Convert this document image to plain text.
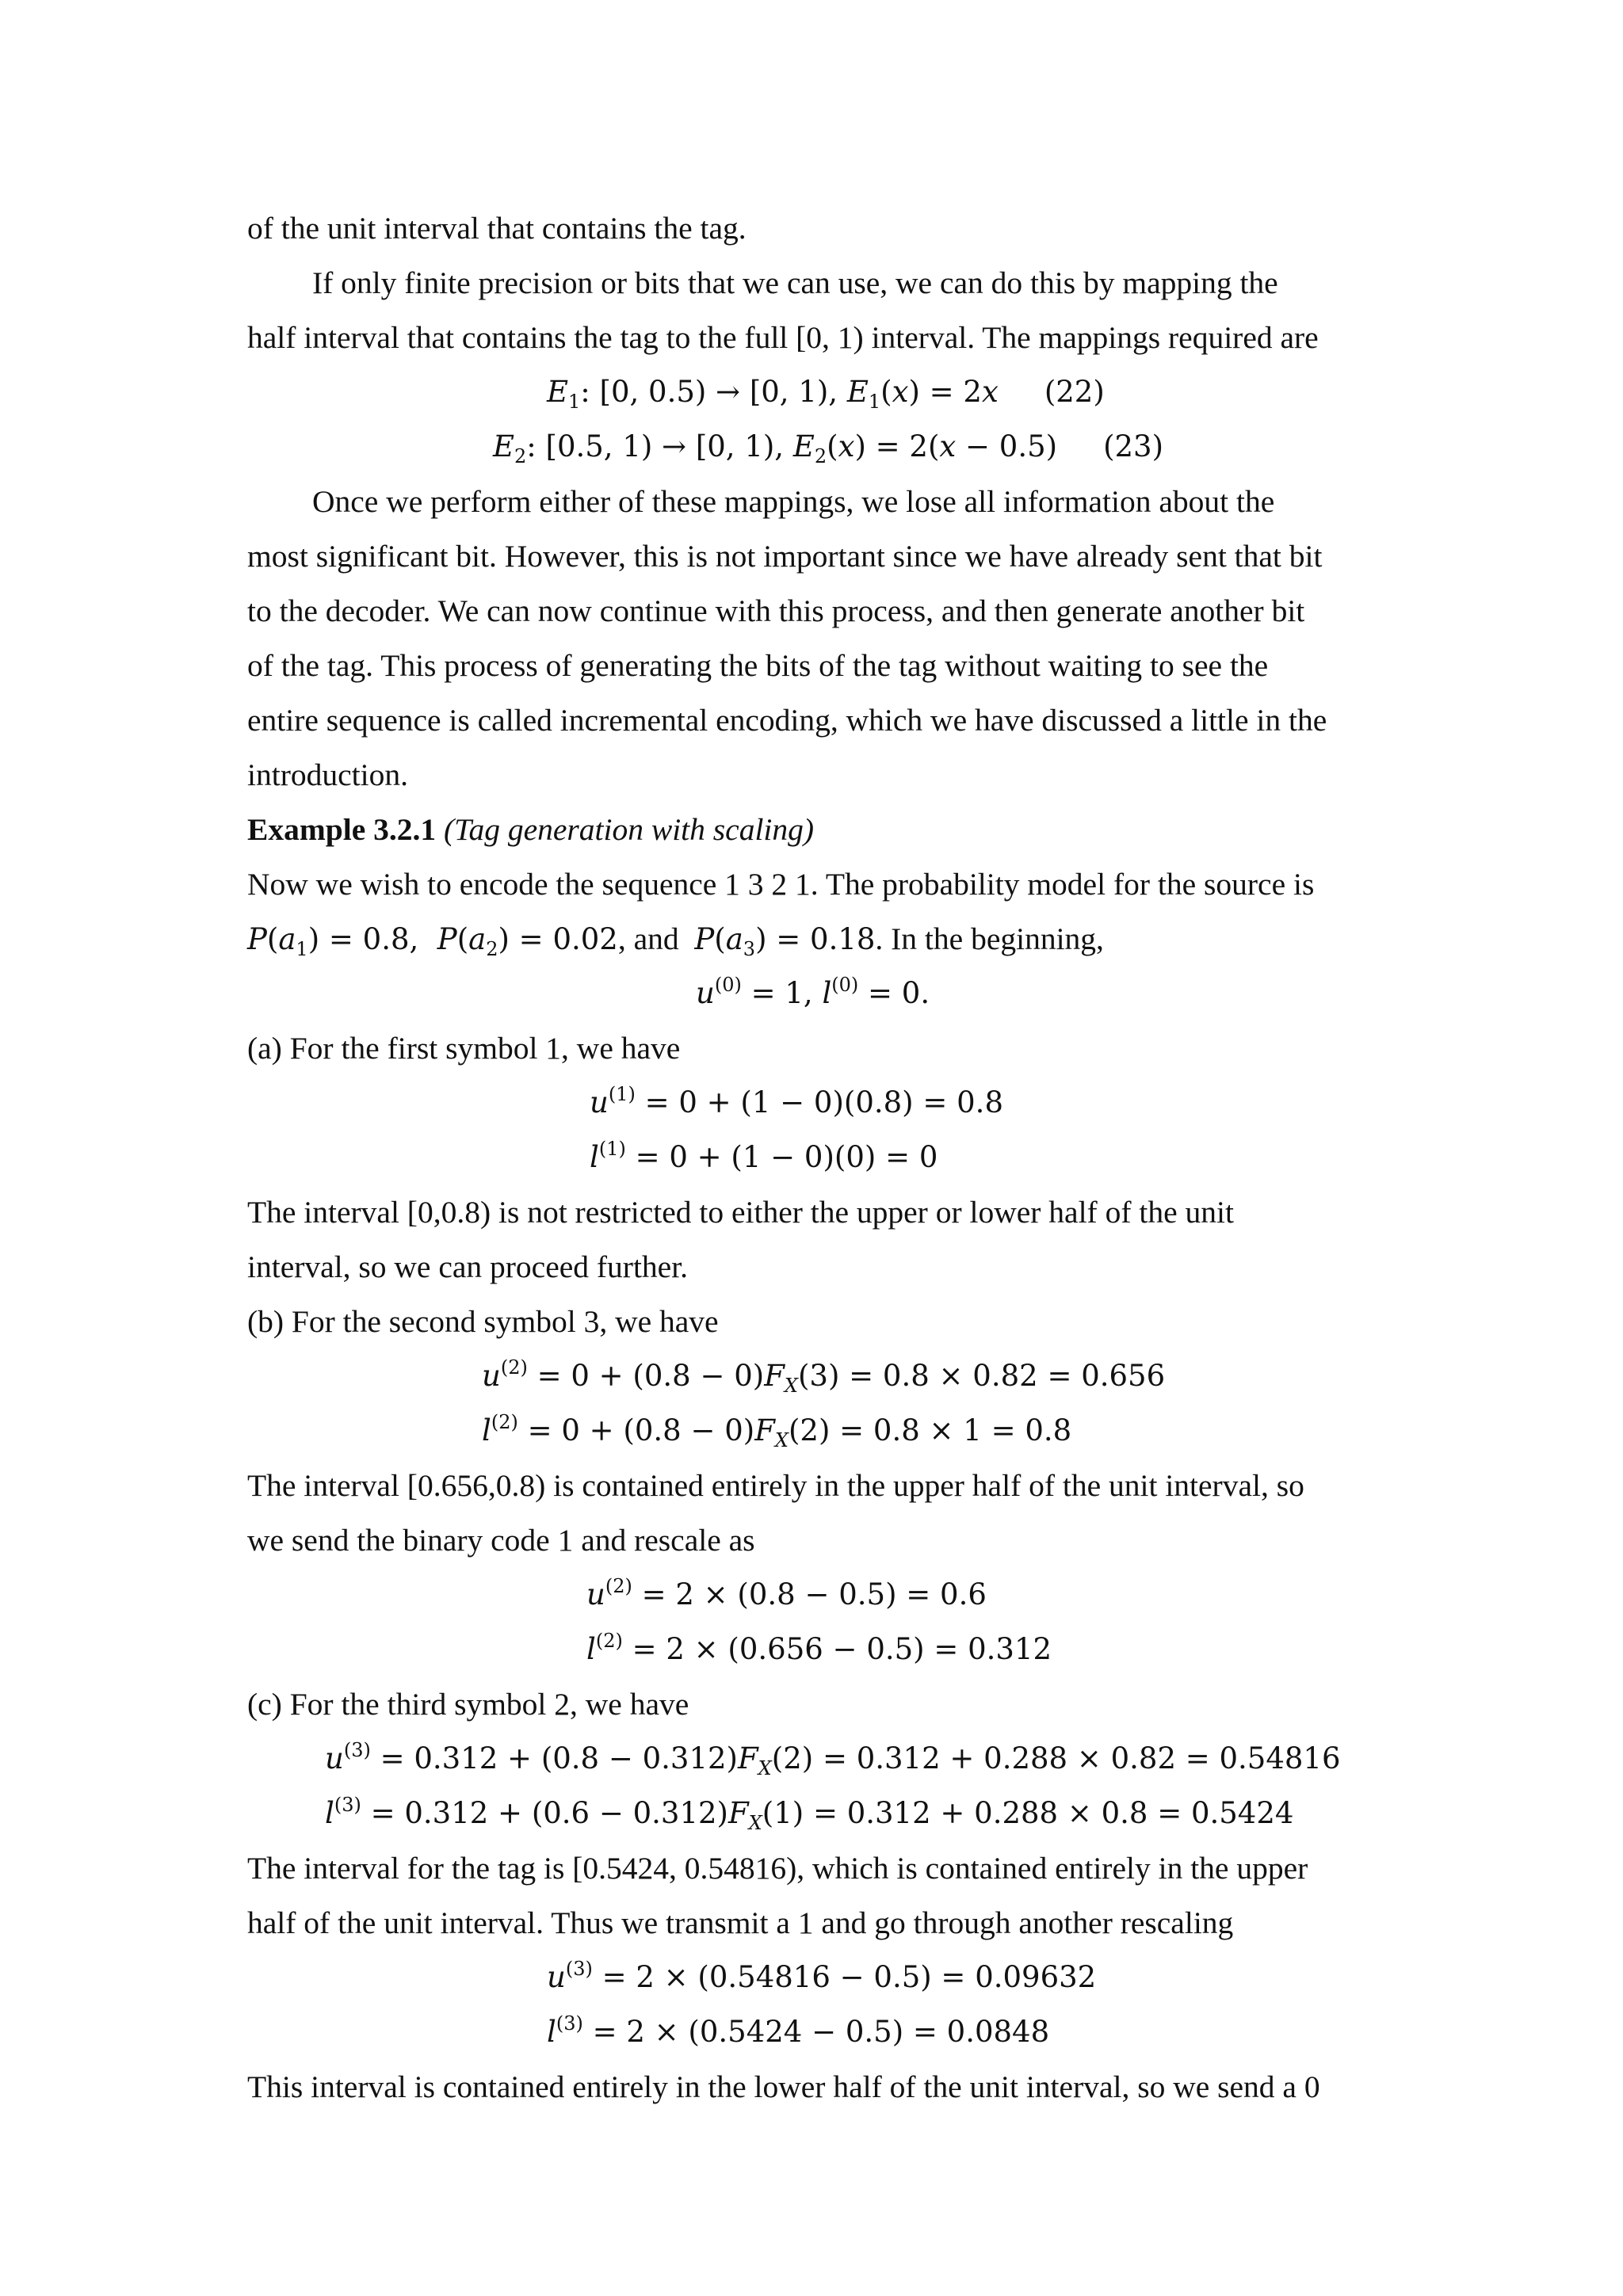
of the unit interval that contains the tag.
If only finite precision or bits that we can use, we can do this by mapping the
half interval that contains the tag to the full [0, 1) interval. The mappings required are
$E_1$: [0, 0.5) → [0, 1), $E_1(x) = 2x$ (22)
$E_2$: [0.5, 1) → [0, 1), $E_2(x) = 2(x - 0.5)$ (23)
Once we perform either of these mappings, we lose all information about the
most significant bit. However, this is not important since we have already sent that bit
to the decoder. We can now continue with this process, and then generate another bit
of the tag. This process of generating the bits of the tag without waiting to see the
entire sequence is called incremental encoding, which we have discussed a little in the
introduction.
Example 3.2.1 (Tag generation with scaling)
Now we wish to encode the sequence 1 3 2 1. The probability model for the source is
$P(a_1) = 0.8$, $P(a_2) = 0.02$, and $P(a_3) = 0.18$. In the beginning,
$u^{(0)} = 1$, $l^{(0)} = 0$.
(a) For the first symbol 1, we have
$u^{(1)} = 0 + (1 - 0)(0.8) = 0.8$
$l^{(1)} = 0 + (1 - 0)(0) = 0$
The interval [0,0.8) is not restricted to either the upper or lower half of the unit
interval, so we can proceed further.
(b) For the second symbol 3, we have
$u^{(2)} = 0 + (0.8 - 0)F_X(3) = 0.8 \times 0.82 = 0.656$
$l^{(2)} = 0 + (0.8 - 0)F_X(2) = 0.8 \times 1 = 0.8$
The interval [0.656,0.8) is contained entirely in the upper half of the unit interval, so
we send the binary code 1 and rescale as
$u^{(2)} = 2 \times (0.8 - 0.5) = 0.6$
$l^{(2)} = 2 \times (0.656 - 0.5) = 0.312$
(c) For the third symbol 2, we have
$u^{(3)} = 0.312 + (0.8 - 0.312)F_X(2) = 0.312 + 0.288 \times 0.82 = 0.54816$
$l^{(3)} = 0.312 + (0.6 - 0.312)F_X(1) = 0.312 + 0.288 \times 0.8 = 0.5424$
The interval for the tag is [0.5424, 0.54816), which is contained entirely in the upper
half of the unit interval. Thus we transmit a 1 and go through another rescaling
$u^{(3)} = 2 \times (0.54816 - 0.5) = 0.09632$
$l^{(3)} = 2 \times (0.5424 - 0.5) = 0.0848$
This interval is contained entirely in the lower half of the unit interval, so we send a 0
